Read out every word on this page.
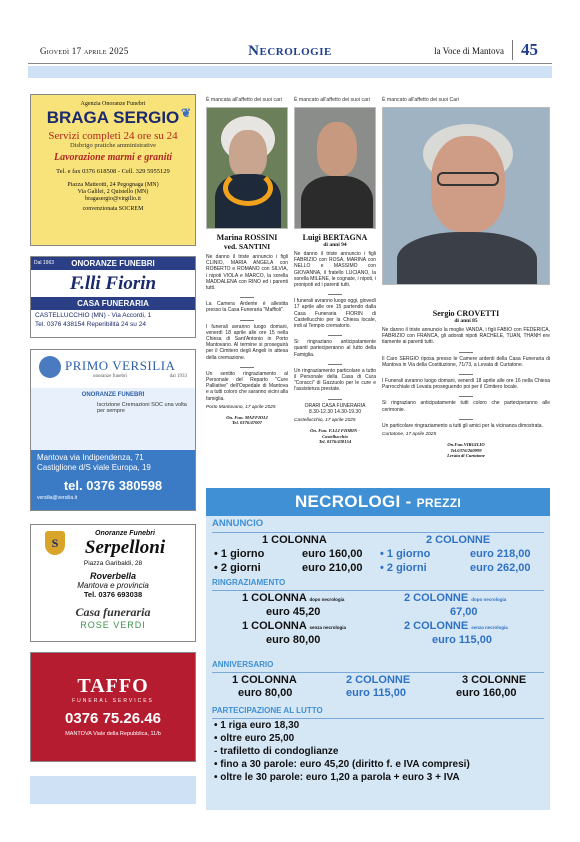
Giovedì 17 aprile 2025	Necrologie	la Voce di Mantova	45
Agenzia Onoranze Funebri
BRAGA SERGIO ❦
Servizi completi 24 ore su 24
Disbrigo pratiche amministrative
Lavorazione marmi e graniti
Tel. e fax 0376 618508 - Cell. 329 5955129
Piazza Matteotti, 24 Pegognaga (MN)
Via Galilei, 2 Quistello (MN)
bragasergio@virgilio.it
convenzionata SOCREM
Dal 1963 ONORANZE FUNEBRI
F.lli Fiorin
CASA FUNERARIA
CASTELLUCCHIO (MN) - Via Accordi, 1
Tel. 0376 438154 Reperibilità 24 su 24
PRIMO VERSILIA
onoranze funebri	dal 1933
ONORANZE FUNEBRI
Iscrizione Cremazioni SOC una volta per sempre
Mantova via Indipendenza, 71
Castiglione d/S viale Europa, 19
tel. 0376 380598
versilia@versilia.it
S
Onoranze Funebri
Serpelloni
Piazza Garibaldi, 28
Roverbella
Mantova e provincia
Tel. 0376 693038
Casa funeraria
ROSE VERDI
TAFFO
FUNERAL SERVICES
0376 75.26.46
MANTOVA Viale della Repubblica, 11/b
È mancata all'affetto dei suoi cari
Marina ROSSINI
ved. SANTINI

Ne danno il triste annuncio i figli CLINIO, MARIA ANGELA con ROBERTO e ROMANO con SILVIA, i nipoti VIOLA e MARCO, la sorella MADDALENA con RINO ed i parenti tutti.

La Camera Ardente è allestita presso la Casa Funeraria "Maffioli".

I funerali avranno luogo domani, venerdì 18 aprile alle ore 15 nella Chiesa di Sant'Antonio in Porto Mantovano. Al termine si proseguirà per il Cimitero degli Angeli in attesa della cremazione.

Un sentito ringraziamento al Personale del Reparto "Cure Palliative" dell'Ospedale di Mantova e a tutti coloro che saranno vicini alla famiglia.

Porto Mantovano, 17 aprile 2025
On. Fun. MAFFIOLI
Tel. 0376/47007
È mancato all'affetto dei suoi cari
Luigi BERTAGNA
di anni 94

Ne danno il triste annuncio i figli FABRIZIO con ROSA, MARINA con NELLO e MASSIMO con GIOVANNA, il fratello LUCIANO, la sorella MILENE, le cognate, i nipoti, i pronipoti ed i parenti tutti.

I funerali avranno luogo oggi, giovedì 17 aprile alle ore 15 partendo dalla Casa Funeraria FIORIN di Castellucchio per la Chiesa locale, indi al Tempio crematorio.

Si ringraziano anticipatamente quanti parteciperanno al lutto della Famiglia.

Un ringraziamento particolare a tutto il Personale della Casa di Cura "Coracci" di Gazzuolo per le cure e l'assistenza prestate.

ORARI CASA FUNERARIA

8.30-12.30 14.30-19.30

Castellucchio, 17 aprile 2025
On. Fun. F.LLI FIORIN -
Castellucchio
Tel. 0376/438154
È mancato all'affetto dei suoi Cari
Sergio CROVETTI
di anni 85

Ne danno il triste annuncio la moglie VANDA, i figli FABIO con FEDERICA, FABRIZIO con FRANCA, gli adorati nipoti RACHELE, TUAN, THANH ere tiamente ai parenti tutti.

Il Caro SERGIO riposa presso le Camere ardenti della Casa Funeraria di Mantova in Via della Costituzione, 71/73, a Levata di Curtatone.

I Funerali avranno luogo domani, venerdì 18 aprile alle ore 16 nella Chiesa Parrocchiale di Levata proseguendo poi per il Cimitero locale.

Si ringraziano anticipatamente tutti coloro che parteciperanno alle cerimonie.

Un particolare ringraziamento a tutti gli amici per la vicinanza dimostrata.

Curtatone, 17 aprile 2025
On.Fun.VIRGILIO
Tel.0376/260999
Levata di Curtatone
NECROLOGI - PREZZI
ANNUNCIO
1 COLONNA	2 COLONNE
• 1 giorno	euro 160,00 • 1 giorno	euro 218,00
• 2 giorni	euro 210,00 • 2 giorni	euro 262,00
RINGRAZIAMENTO
1 COLONNA dopo necrologia
euro 45,20
2 COLONNE dopo necrologia
67,00
1 COLONNA senza necrologia
euro 80,00
2 COLONNE senza necrologia
euro 115,00
ANNIVERSARIO
1 COLONNA	2 COLONNE	3 COLONNE
euro 80,00	euro 115,00	euro 160,00
PARTECIPAZIONE AL LUTTO
• 1 riga euro 18,30
• oltre euro 25,00
- trafiletto di condoglianze
• fino a 30 parole: euro 45,20 (diritto f. e IVA compresi)
• oltre le 30 parole: euro 1,20 a parola + euro 3 + IVA
